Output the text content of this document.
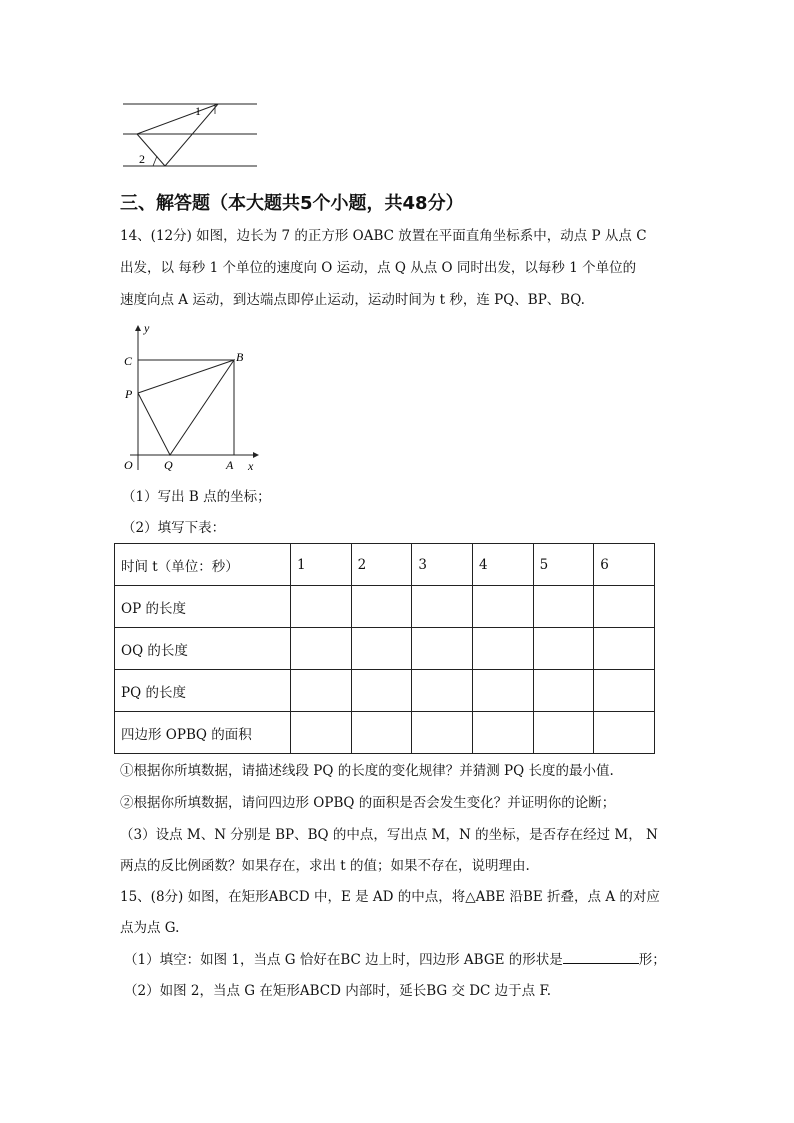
1
2
三、解答题（本大题共5个小题，共48分）
14、(12分) 如图，边长为 7 的正方形 OABC 放置在平面直角坐标系中，动点 P 从点 C
出发，以 每秒 1 个单位的速度向 O 运动，点 Q 从点 O 同时出发，以每秒 1 个单位的
速度向点 A 运动，到达端点即停止运动，运动时间为 t 秒，连 PQ、BP、BQ.
y
C	B
P
O	Q	A x
（1）写出 B 点的坐标；
（2）填写下表：
时间 t（单位：秒）	1	2	3	4	5	6
OP 的长度						
OQ 的长度						
PQ 的长度						
四边形 OPBQ 的面积						
①根据你所填数据，请描述线段 PQ 的长度的变化规律？并猜测 PQ 长度的最小值.
②根据你所填数据，请问四边形 OPBQ 的面积是否会发生变化？并证明你的论断；
（3）设点 M、N 分别是 BP、BQ 的中点，写出点 M，N 的坐标，是否存在经过 M， N
两点的反比例函数？如果存在，求出 t 的值；如果不存在，说明理由.
15、(8分) 如图，在矩形ABCD 中，E 是 AD 的中点，将△ABE 沿BE 折叠，点 A 的对应
点为点 G.
（1）填空：如图 1，当点 G 恰好在BC 边上时，四边形 ABGE 的形状是	形；
（2）如图 2，当点 G 在矩形ABCD 内部时，延长BG 交 DC 边于点 F.
